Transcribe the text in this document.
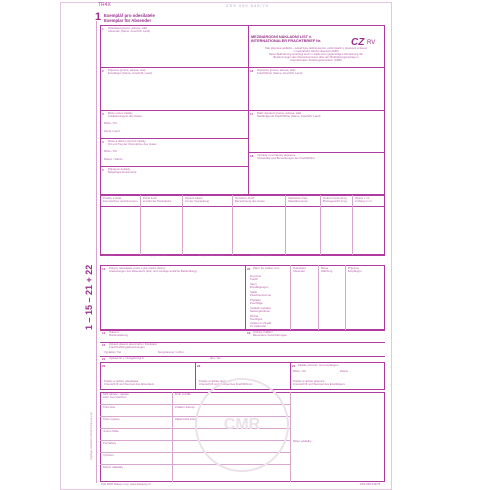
ZSS 050 649/75
TR4X
1 Exemplář pro odesílatele
Exemplar für Absender
MEZINÁRODNÍ NÁKLADNÍ LIST č.
INTERNATIONALER FRACHTBRIEF Nr.	CZ RV
Tato přeprava podléhá – pokud byla zaškrtnuta jiná, podmínkách o přepravní smlouvě
v mezinárodní silniční dopravě (CMR)
Diese Beförderung unterliegt auch im Falle einer gegenteiligen Abmachung der
Bestimmungen des Übereinkommens über den Beförderungsvertrag im
internationalen Straßengüterverkehr (CMR)
1 Odesílatel (jméno, adresa, stát)
Absender (Name, Anschrift, Land)
2 Příjemce (jméno, adresa, stát)
Empfänger (Name, Anschrift, Land)
3 Místo určení zásilky
Auslieferungsort des Gutes
Místo / Ort
Země / Land
4 Místo a datum převzetí zásilky
Ort und Tag der Übernahme des Gutes
Místo / Ort
Datum / Datum
5 Připojené doklady
Beigefügte Dokumente
16 Dopravce (jméno, adresa, stát)
Frachtführer (Name, Anschrift, Land)
17 Další dopravci (jméno, adresa, stát)
Nachfolgende Frachtführer (Name, Anschrift, Land)
18 Výhrady a poznámky dopravce
Vorbehalte und Bemerkungen der Frachtführer
Značky a čísla
Kennzeichen und Nummern
Počet kusů
Anzahl der Packstücke
Způsob balení
Art der Verpackung
Označení zboží
Bezeichnung des Gutes
Statistické číslo
Statistiknummer
Hrubá hmotnost kg
Bruttogewicht in kg
Objem v m³
Umfang in m³
UN číslo	Oficiální pojmenování	Bezpečnostní značka	Obalová skupina
13 Pokyny odesílatele (celní a jiné úřední úkony)
Anweisungen des Absenders (Zoll- und sonstige amtliche Behandlung)
20 Platí / Zu zahlen vom	Odesílatel
Absender
Měna
Währung
Příjemce
Empfänger
Dovozné
Fracht
Slevy
Ermäßigungen
Saldo
Zwischensumme
Příplatky
Zuschläge
Vedlejší poplatky
Nebengebühren
Různé
Sonstiges
Celkem k úhradě
Zu zahlender
14 Vrácení
Rückerstattung
19 Úmluvy zvláštní
Besondere Vereinbarungen
15 Způsob placení dovozného / Frankatur
Frachtzahlungsanweisungen
Výplatně / frei	Nevyplaceně / unfrei
21 Vystaveno v / Ausgefertigt in	dne / am
22
Podpis a razítko odesílatele
Unterschrift und Stempel des Absenders
23
Podpis a razítko dopravce
Unterschrift und Stempel des Frachtführers
24 Zásilku převzal / Gut empfangen
Místo / Ort	Datum
Podpis a razítko příjemce
Unterschrift und Stempel des Empfängers
SPZ tahače / návěsu
Amtl. Kennzeichen
Druh vozidla
Číslo listu	Zvláštní dohody
Číslo výpravy	Zákaznické číslo
Jméno řidiče
Poznámky
Vyložení
Datum nakládky
Místo vykládky
CMR
1 – 15 – 21 + 22
Vyplňuje odesílatel včetně hmotnosti v kg
Tisk 2020 Nakup nový: www.tiskopisy.cz	ZSS 050 649/75
